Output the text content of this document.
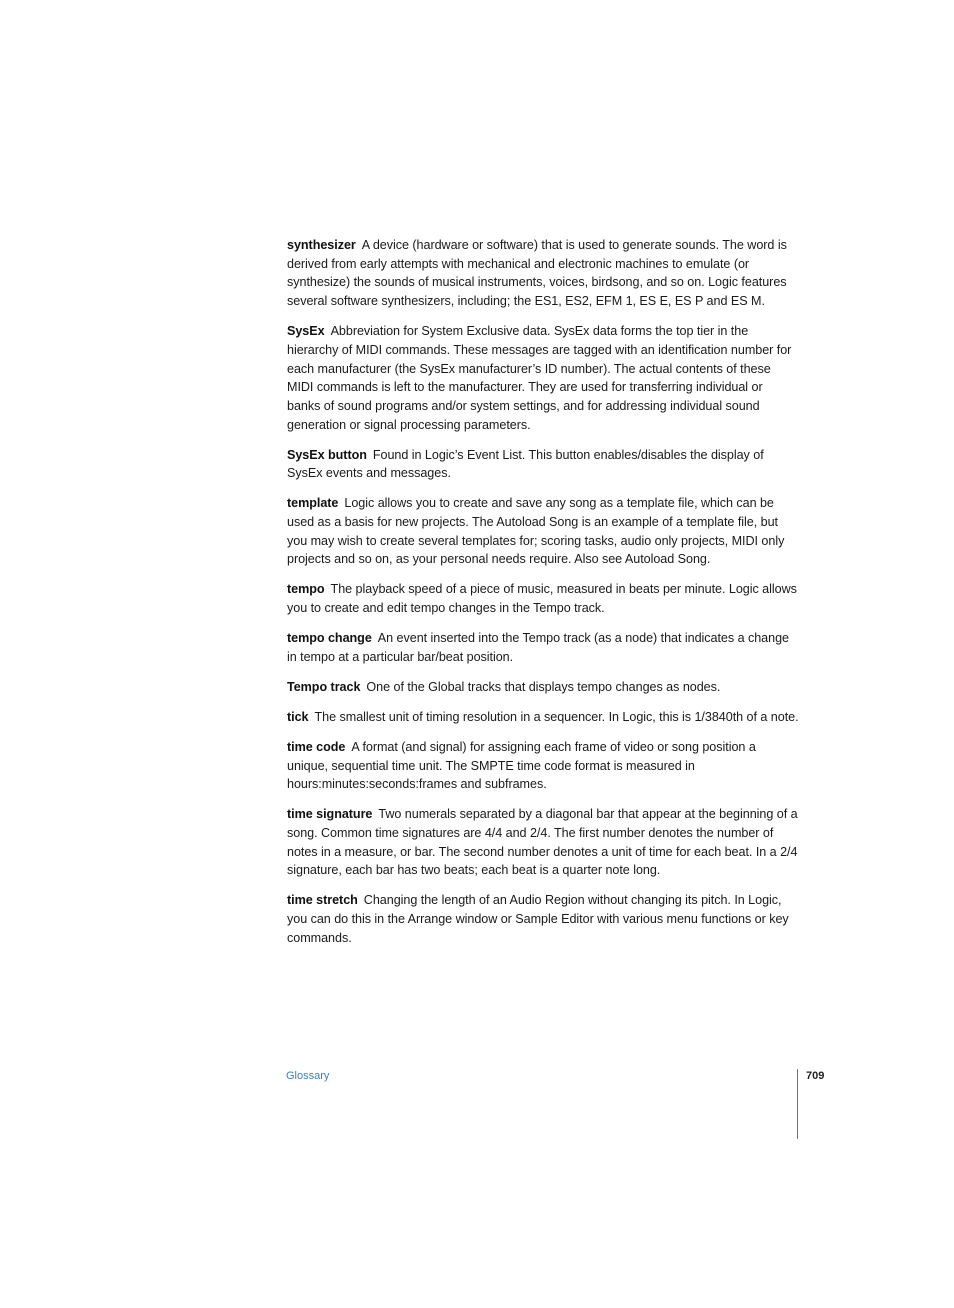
synthesizer A device (hardware or software) that is used to generate sounds. The word is derived from early attempts with mechanical and electronic machines to emulate (or synthesize) the sounds of musical instruments, voices, birdsong, and so on. Logic features several software synthesizers, including; the ES1, ES2, EFM 1, ES E, ES P and ES M.

SysEx Abbreviation for System Exclusive data. SysEx data forms the top tier in the hierarchy of MIDI commands. These messages are tagged with an identification number for each manufacturer (the SysEx manufacturer’s ID number). The actual contents of these MIDI commands is left to the manufacturer. They are used for transferring individual or banks of sound programs and/or system settings, and for addressing individual sound generation or signal processing parameters.

SysEx button Found in Logic’s Event List. This button enables/disables the display of SysEx events and messages.

template Logic allows you to create and save any song as a template file, which can be used as a basis for new projects. The Autoload Song is an example of a template file, but you may wish to create several templates for; scoring tasks, audio only projects, MIDI only projects and so on, as your personal needs require. Also see Autoload Song.

tempo The playback speed of a piece of music, measured in beats per minute. Logic allows you to create and edit tempo changes in the Tempo track.

tempo change An event inserted into the Tempo track (as a node) that indicates a change in tempo at a particular bar/beat position.

Tempo track One of the Global tracks that displays tempo changes as nodes.

tick The smallest unit of timing resolution in a sequencer. In Logic, this is 1/3840th of a note.

time code A format (and signal) for assigning each frame of video or song position a unique, sequential time unit. The SMPTE time code format is measured in hours:minutes:seconds:frames and subframes.

time signature Two numerals separated by a diagonal bar that appear at the beginning of a song. Common time signatures are 4/4 and 2/4. The first number denotes the number of notes in a measure, or bar. The second number denotes a unit of time for each beat. In a 2/4 signature, each bar has two beats; each beat is a quarter note long.

time stretch Changing the length of an Audio Region without changing its pitch. In Logic, you can do this in the Arrange window or Sample Editor with various menu functions or key commands.

Glossary	709
